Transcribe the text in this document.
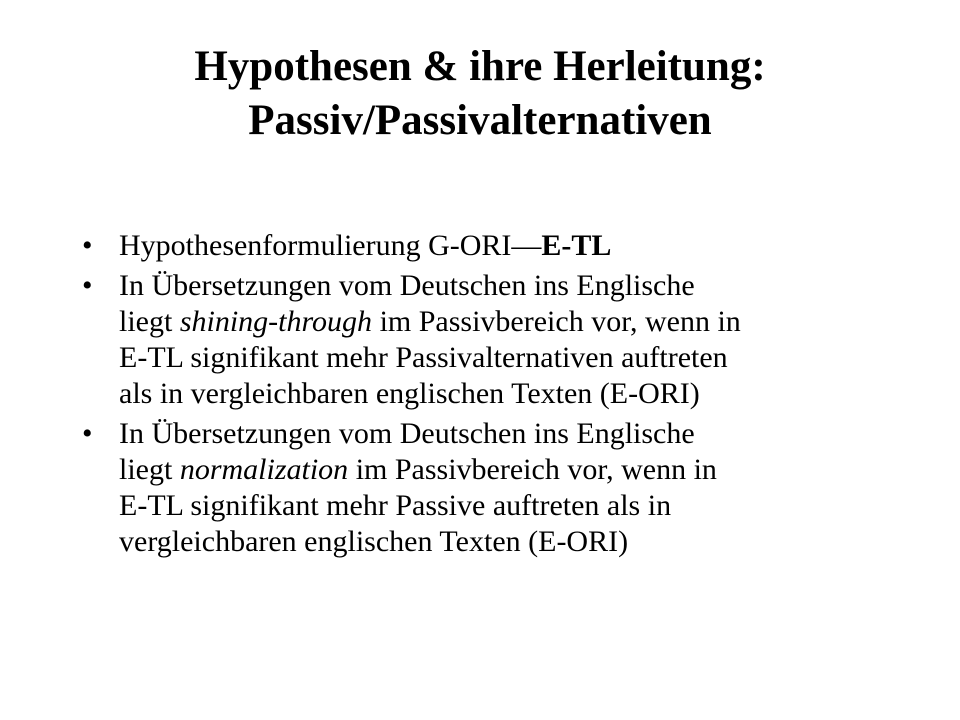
Hypothesen & ihre Herleitung:
Passiv/Passivalternativen
• Hypothesenformulierung G-ORI—E-TL
• In Übersetzungen vom Deutschen ins Englische
liegt shining-through im Passivbereich vor, wenn in
E-TL signifikant mehr Passivalternativen auftreten
als in vergleichbaren englischen Texten (E-ORI)
• In Übersetzungen vom Deutschen ins Englische
liegt normalization im Passivbereich vor, wenn in
E-TL signifikant mehr Passive auftreten als in
vergleichbaren englischen Texten (E-ORI)
